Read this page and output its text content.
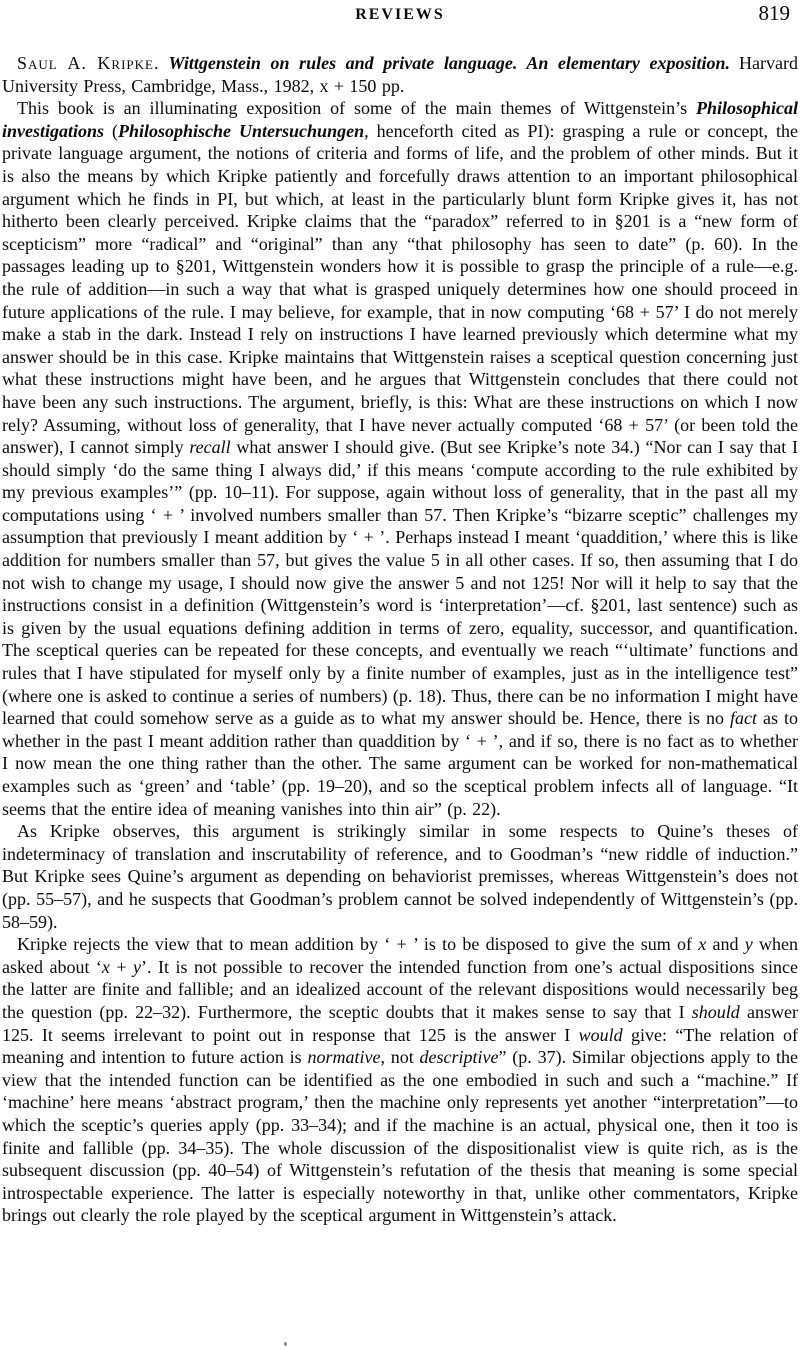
REVIEWS	819

Saul A. Kripke.  Wittgenstein on rules and private language. An elementary exposition. Harvard University Press, Cambridge, Mass., 1982, x + 150 pp.

This book is an illuminating exposition of some of the main themes of Wittgenstein’s Philosophical investigations (Philosophische Untersuchungen, henceforth cited as PI): grasping a rule or concept, the private language argument, the notions of criteria and forms of life, and the problem of other minds. But it is also the means by which Kripke patiently and forcefully draws attention to an important philosophical argument which he finds in PI, but which, at least in the particularly blunt form Kripke gives it, has not hitherto been clearly perceived. Kripke claims that the “paradox” referred to in §201 is a “new form of scepticism” more “radical” and “original” than any “that philosophy has seen to date” (p. 60). In the passages leading up to §201, Wittgenstein wonders how it is possible to grasp the principle of a rule—e.g. the rule of addition—in such a way that what is grasped uniquely determines how one should proceed in future applications of the rule. I may believe, for example, that in now computing ‘68 + 57’ I do not merely make a stab in the dark. Instead I rely on instructions I have learned previously which determine what my answer should be in this case. Kripke maintains that Wittgenstein raises a sceptical question concerning just what these instructions might have been, and he argues that Wittgenstein concludes that there could not have been any such instructions. The argument, briefly, is this: What are these instructions on which I now rely? Assuming, without loss of generality, that I have never actually computed ‘68 + 57’ (or been told the answer), I cannot simply recall what answer I should give. (But see Kripke’s note 34.) “Nor can I say that I should simply ‘do the same thing I always did,’ if this means ‘compute according to the rule exhibited by my previous examples’” (pp. 10–11). For suppose, again without loss of generality, that in the past all my computations using ‘ + ’ involved numbers smaller than 57. Then Kripke’s “bizarre sceptic” challenges my assumption that previously I meant addition by ‘ + ’. Perhaps instead I meant ‘quaddition,’ where this is like addition for numbers smaller than 57, but gives the value 5 in all other cases. If so, then assuming that I do not wish to change my usage, I should now give the answer 5 and not 125! Nor will it help to say that the instructions consist in a definition (Wittgenstein’s word is ‘interpretation’—cf. §201, last sentence) such as is given by the usual equations defining addition in terms of zero, equality, successor, and quantification. The sceptical queries can be repeated for these concepts, and eventually we reach “‘ultimate’ functions and rules that I have stipulated for myself only by a finite number of examples, just as in the intelligence test” (where one is asked to continue a series of numbers) (p. 18). Thus, there can be no information I might have learned that could somehow serve as a guide as to what my answer should be. Hence, there is no fact as to whether in the past I meant addition rather than quaddition by ‘ + ’, and if so, there is no fact as to whether I now mean the one thing rather than the other. The same argument can be worked for non-mathematical examples such as ‘green’ and ‘table’ (pp. 19–20), and so the sceptical problem infects all of language. “It seems that the entire idea of meaning vanishes into thin air” (p. 22).

As Kripke observes, this argument is strikingly similar in some respects to Quine’s theses of indeterminacy of translation and inscrutability of reference, and to Goodman’s “new riddle of induction.” But Kripke sees Quine’s argument as depending on behaviorist premisses, whereas Wittgenstein’s does not (pp. 55–57), and he suspects that Goodman’s problem cannot be solved independently of Wittgenstein’s (pp. 58–59).

Kripke rejects the view that to mean addition by ‘ + ’ is to be disposed to give the sum of x and y when asked about ‘x + y’. It is not possible to recover the intended function from one’s actual dispositions since the latter are finite and fallible; and an idealized account of the relevant dispositions would necessarily beg the question (pp. 22–32). Furthermore, the sceptic doubts that it makes sense to say that I should answer 125. It seems irrelevant to point out in response that 125 is the answer I would give: “The relation of meaning and intention to future action is normative, not descriptive” (p. 37). Similar objections apply to the view that the intended function can be identified as the one embodied in such and such a “machine.” If ‘machine’ here means ‘abstract program,’ then the machine only represents yet another “interpretation”—to which the sceptic’s queries apply (pp. 33–34); and if the machine is an actual, physical one, then it too is finite and fallible (pp. 34–35). The whole discussion of the dispositionalist view is quite rich, as is the subsequent discussion (pp. 40–54) of Wittgenstein’s refutation of the thesis that meaning is some special introspectable experience. The latter is especially noteworthy in that, unlike other commentators, Kripke brings out clearly the role played by the sceptical argument in Wittgenstein’s attack.
